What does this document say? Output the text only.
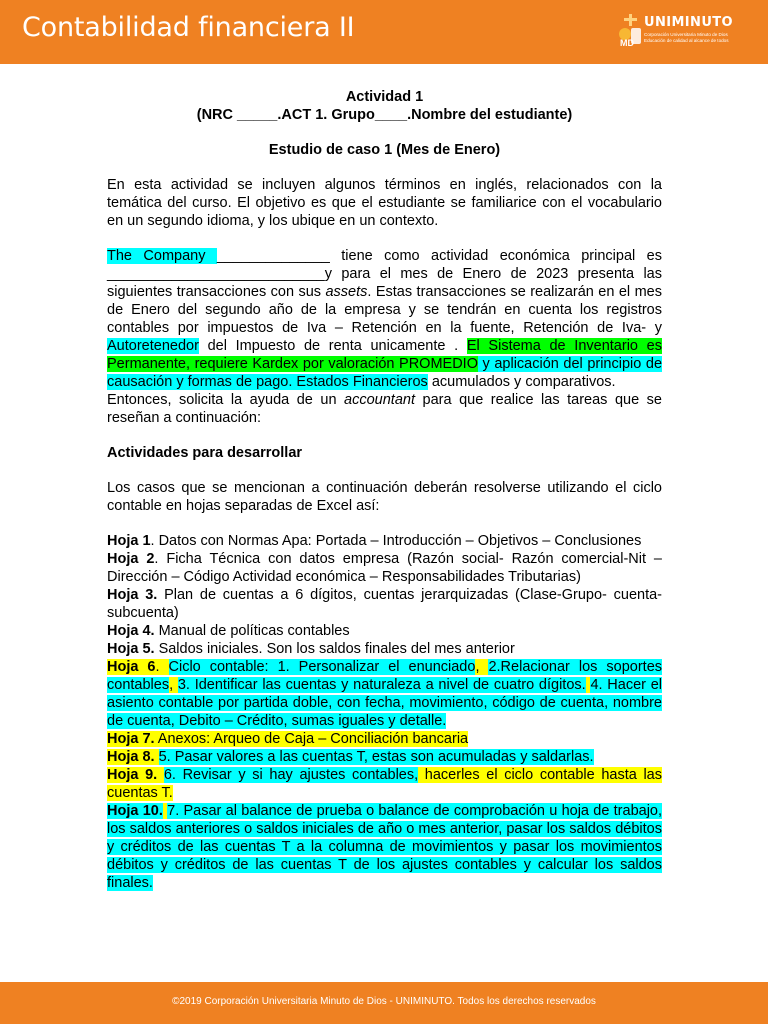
Contabilidad financiera II	MD
UNIMINUTO
Corporación Universitaria Minuto de Dios
Educación de calidad al alcance de todos
Actividad 1
(NRC _____.ACT 1. Grupo____.Nombre del estudiante)
Estudio de caso 1 (Mes de Enero)

En esta actividad se incluyen algunos términos en inglés, relacionados con la temática del curso. El objetivo es que el estudiante se familiarice con el vocabulario en un segundo idioma, y los ubique en un contexto.

The Company ______________ tiene como actividad económica principal es ___________________________y para el mes de Enero de 2023 presenta las siguientes transacciones con sus assets. Estas transacciones se realizarán en el mes de Enero del segundo año de la empresa y se tendrán en cuenta los registros contables por impuestos de Iva – Retención en la fuente, Retención de Iva- y Autoretenedor del Impuesto de renta unicamente . El Sistema de Inventario es Permanente, requiere Kardex por valoración PROMEDIO y aplicación del principio de causación y formas de pago. Estados Financieros acumulados y comparativos.

Entonces, solicita la ayuda de un accountant para que realice las tareas que se reseñan a continuación:

Actividades para desarrollar

Los casos que se mencionan a continuación deberán resolverse utilizando el ciclo contable en hojas separadas de Excel así:

Hoja 1. Datos con Normas Apa: Portada – Introducción – Objetivos – Conclusiones

Hoja 2. Ficha Técnica con datos empresa (Razón social- Razón comercial-Nit – Dirección – Código Actividad económica – Responsabilidades Tributarias)

Hoja 3. Plan de cuentas a 6 dígitos, cuentas jerarquizadas (Clase-Grupo- cuenta-subcuenta)

Hoja 4. Manual de políticas contables

Hoja 5. Saldos iniciales. Son los saldos finales del mes anterior

Hoja 6. Ciclo contable: 1. Personalizar el enunciado, 2.Relacionar los soportes contables, 3. Identificar las cuentas y naturaleza a nivel de cuatro dígitos. 4. Hacer el asiento contable por partida doble, con fecha, movimiento, código de cuenta, nombre de cuenta, Debito – Crédito, sumas iguales y detalle.

Hoja 7. Anexos: Arqueo de Caja – Conciliación bancaria

Hoja 8. 5. Pasar valores a las cuentas T, estas son acumuladas y saldarlas.

Hoja 9. 6. Revisar y si hay ajustes contables, hacerles el ciclo contable hasta las cuentas T.

Hoja 10. 7. Pasar al balance de prueba o balance de comprobación u hoja de trabajo, los saldos anteriores o saldos iniciales de año o mes anterior, pasar los saldos débitos y créditos de las cuentas T a la columna de movimientos y pasar los movimientos débitos y créditos de las cuentas T de los ajustes contables y calcular los saldos finales.

©2019 Corporación Universitaria Minuto de Dios - UNIMINUTO. Todos los derechos reservados
